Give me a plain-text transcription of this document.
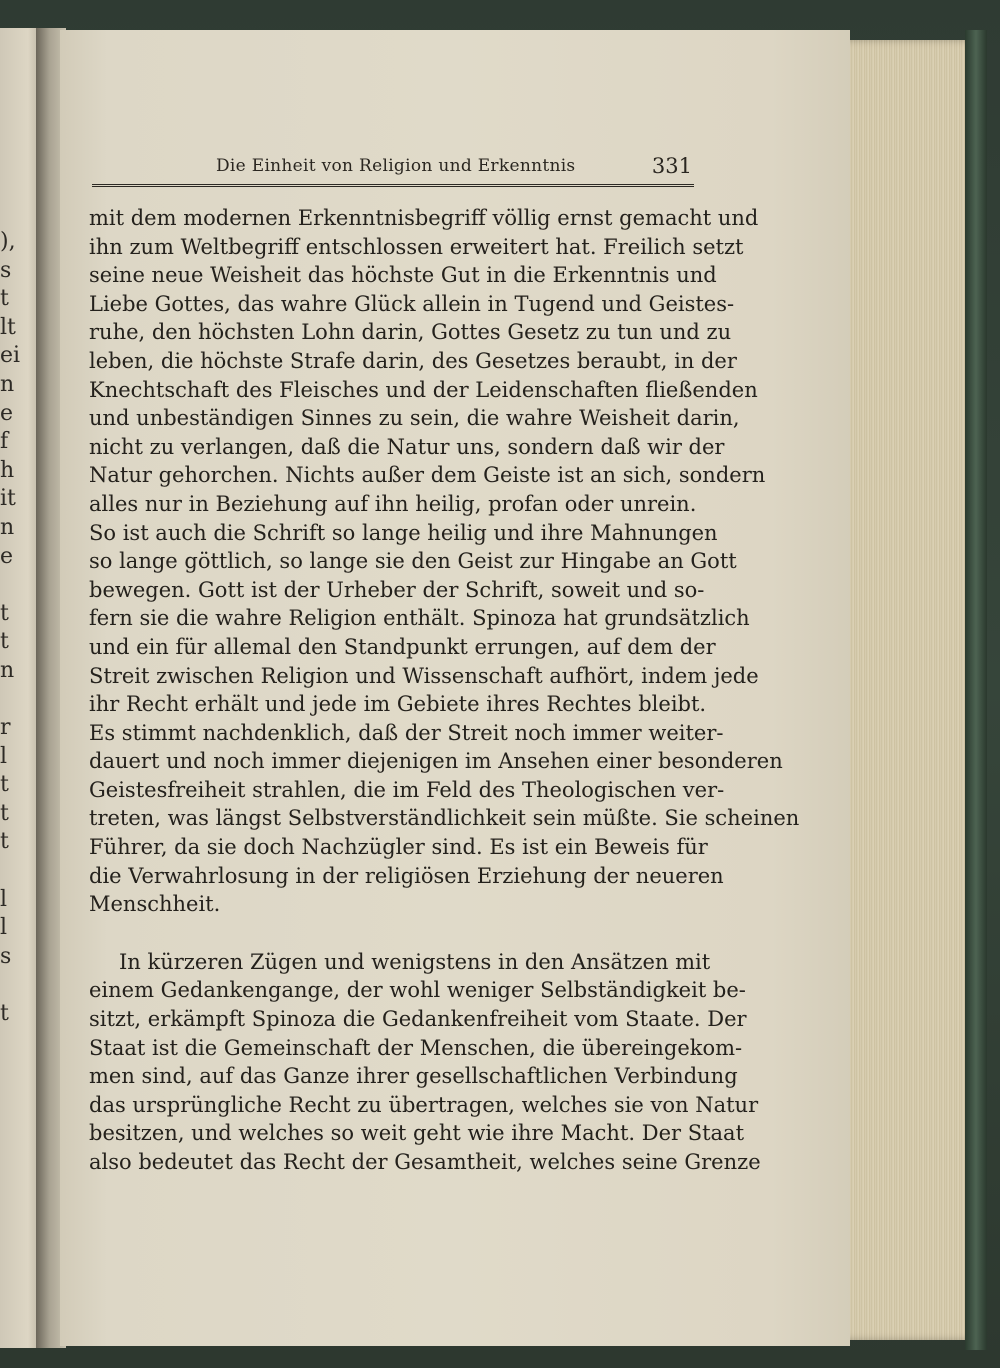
),
s
t
lt
ei
n
e
f
h
it
n
e
t
t
n
r
l
t
t
t
l
l
s
t
Die Einheit von Religion und Erkenntnis	331
mit dem modernen Erkenntnisbegriff völlig ernst gemacht und
ihn zum Weltbegriff entschlossen erweitert hat. Freilich setzt
seine neue Weisheit das höchste Gut in die Erkenntnis und
Liebe Gottes, das wahre Glück allein in Tugend und Geistes-
ruhe, den höchsten Lohn darin, Gottes Gesetz zu tun und zu
leben, die höchste Strafe darin, des Gesetzes beraubt, in der
Knechtschaft des Fleisches und der Leidenschaften fließenden
und unbeständigen Sinnes zu sein, die wahre Weisheit darin,
nicht zu verlangen, daß die Natur uns, sondern daß wir der
Natur gehorchen. Nichts außer dem Geiste ist an sich, sondern
alles nur in Beziehung auf ihn heilig, profan oder unrein.
So ist auch die Schrift so lange heilig und ihre Mahnungen
so lange göttlich, so lange sie den Geist zur Hingabe an Gott
bewegen. Gott ist der Urheber der Schrift, soweit und so-
fern sie die wahre Religion enthält. Spinoza hat grundsätzlich
und ein für allemal den Standpunkt errungen, auf dem der
Streit zwischen Religion und Wissenschaft aufhört, indem jede
ihr Recht erhält und jede im Gebiete ihres Rechtes bleibt.
Es stimmt nachdenklich, daß der Streit noch immer weiter-
dauert und noch immer diejenigen im Ansehen einer besonderen
Geistesfreiheit strahlen, die im Feld des Theologischen ver-
treten, was längst Selbstverständlichkeit sein müßte. Sie scheinen
Führer, da sie doch Nachzügler sind. Es ist ein Beweis für
die Verwahrlosung in der religiösen Erziehung der neueren
Menschheit.
In kürzeren Zügen und wenigstens in den Ansätzen mit
einem Gedankengange, der wohl weniger Selbständigkeit be-
sitzt, erkämpft Spinoza die Gedankenfreiheit vom Staate. Der
Staat ist die Gemeinschaft der Menschen, die übereingekom-
men sind, auf das Ganze ihrer gesellschaftlichen Verbindung
das ursprüngliche Recht zu übertragen, welches sie von Natur
besitzen, und welches so weit geht wie ihre Macht. Der Staat
also bedeutet das Recht der Gesamtheit, welches seine Grenze
